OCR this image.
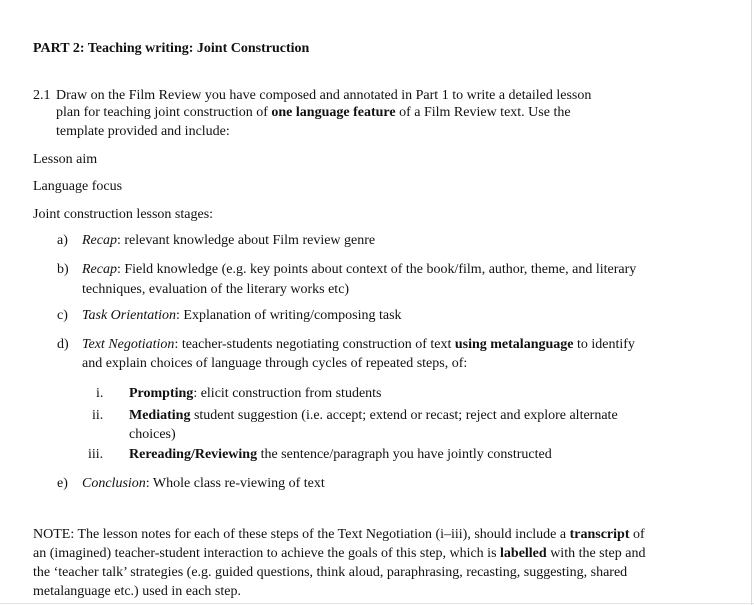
PART 2: Teaching writing: Joint Construction
2.1 Draw on the Film Review you have composed and annotated in Part 1 to write a detailed lesson
plan for teaching joint construction of one language feature of a Film Review text. Use the
template provided and include:
Lesson aim
Language focus
Joint construction lesson stages:
a) Recap: relevant knowledge about Film review genre
b) Recap: Field knowledge (e.g. key points about context of the book/film, author, theme, and literary
techniques, evaluation of the literary works etc)
c) Task Orientation: Explanation of writing/composing task
d) Text Negotiation: teacher-students negotiating construction of text using metalanguage to identify
and explain choices of language through cycles of repeated steps, of:
i. Prompting: elicit construction from students
ii. Mediating student suggestion (i.e. accept; extend or recast; reject and explore alternate
choices)
iii. Rereading/Reviewing the sentence/paragraph you have jointly constructed
e) Conclusion: Whole class re-viewing of text
NOTE: The lesson notes for each of these steps of the Text Negotiation (i–iii), should include a transcript of
an (imagined) teacher-student interaction to achieve the goals of this step, which is labelled with the step and
the ‘teacher talk’ strategies (e.g. guided questions, think aloud, paraphrasing, recasting, suggesting, shared
metalanguage etc.) used in each step.
